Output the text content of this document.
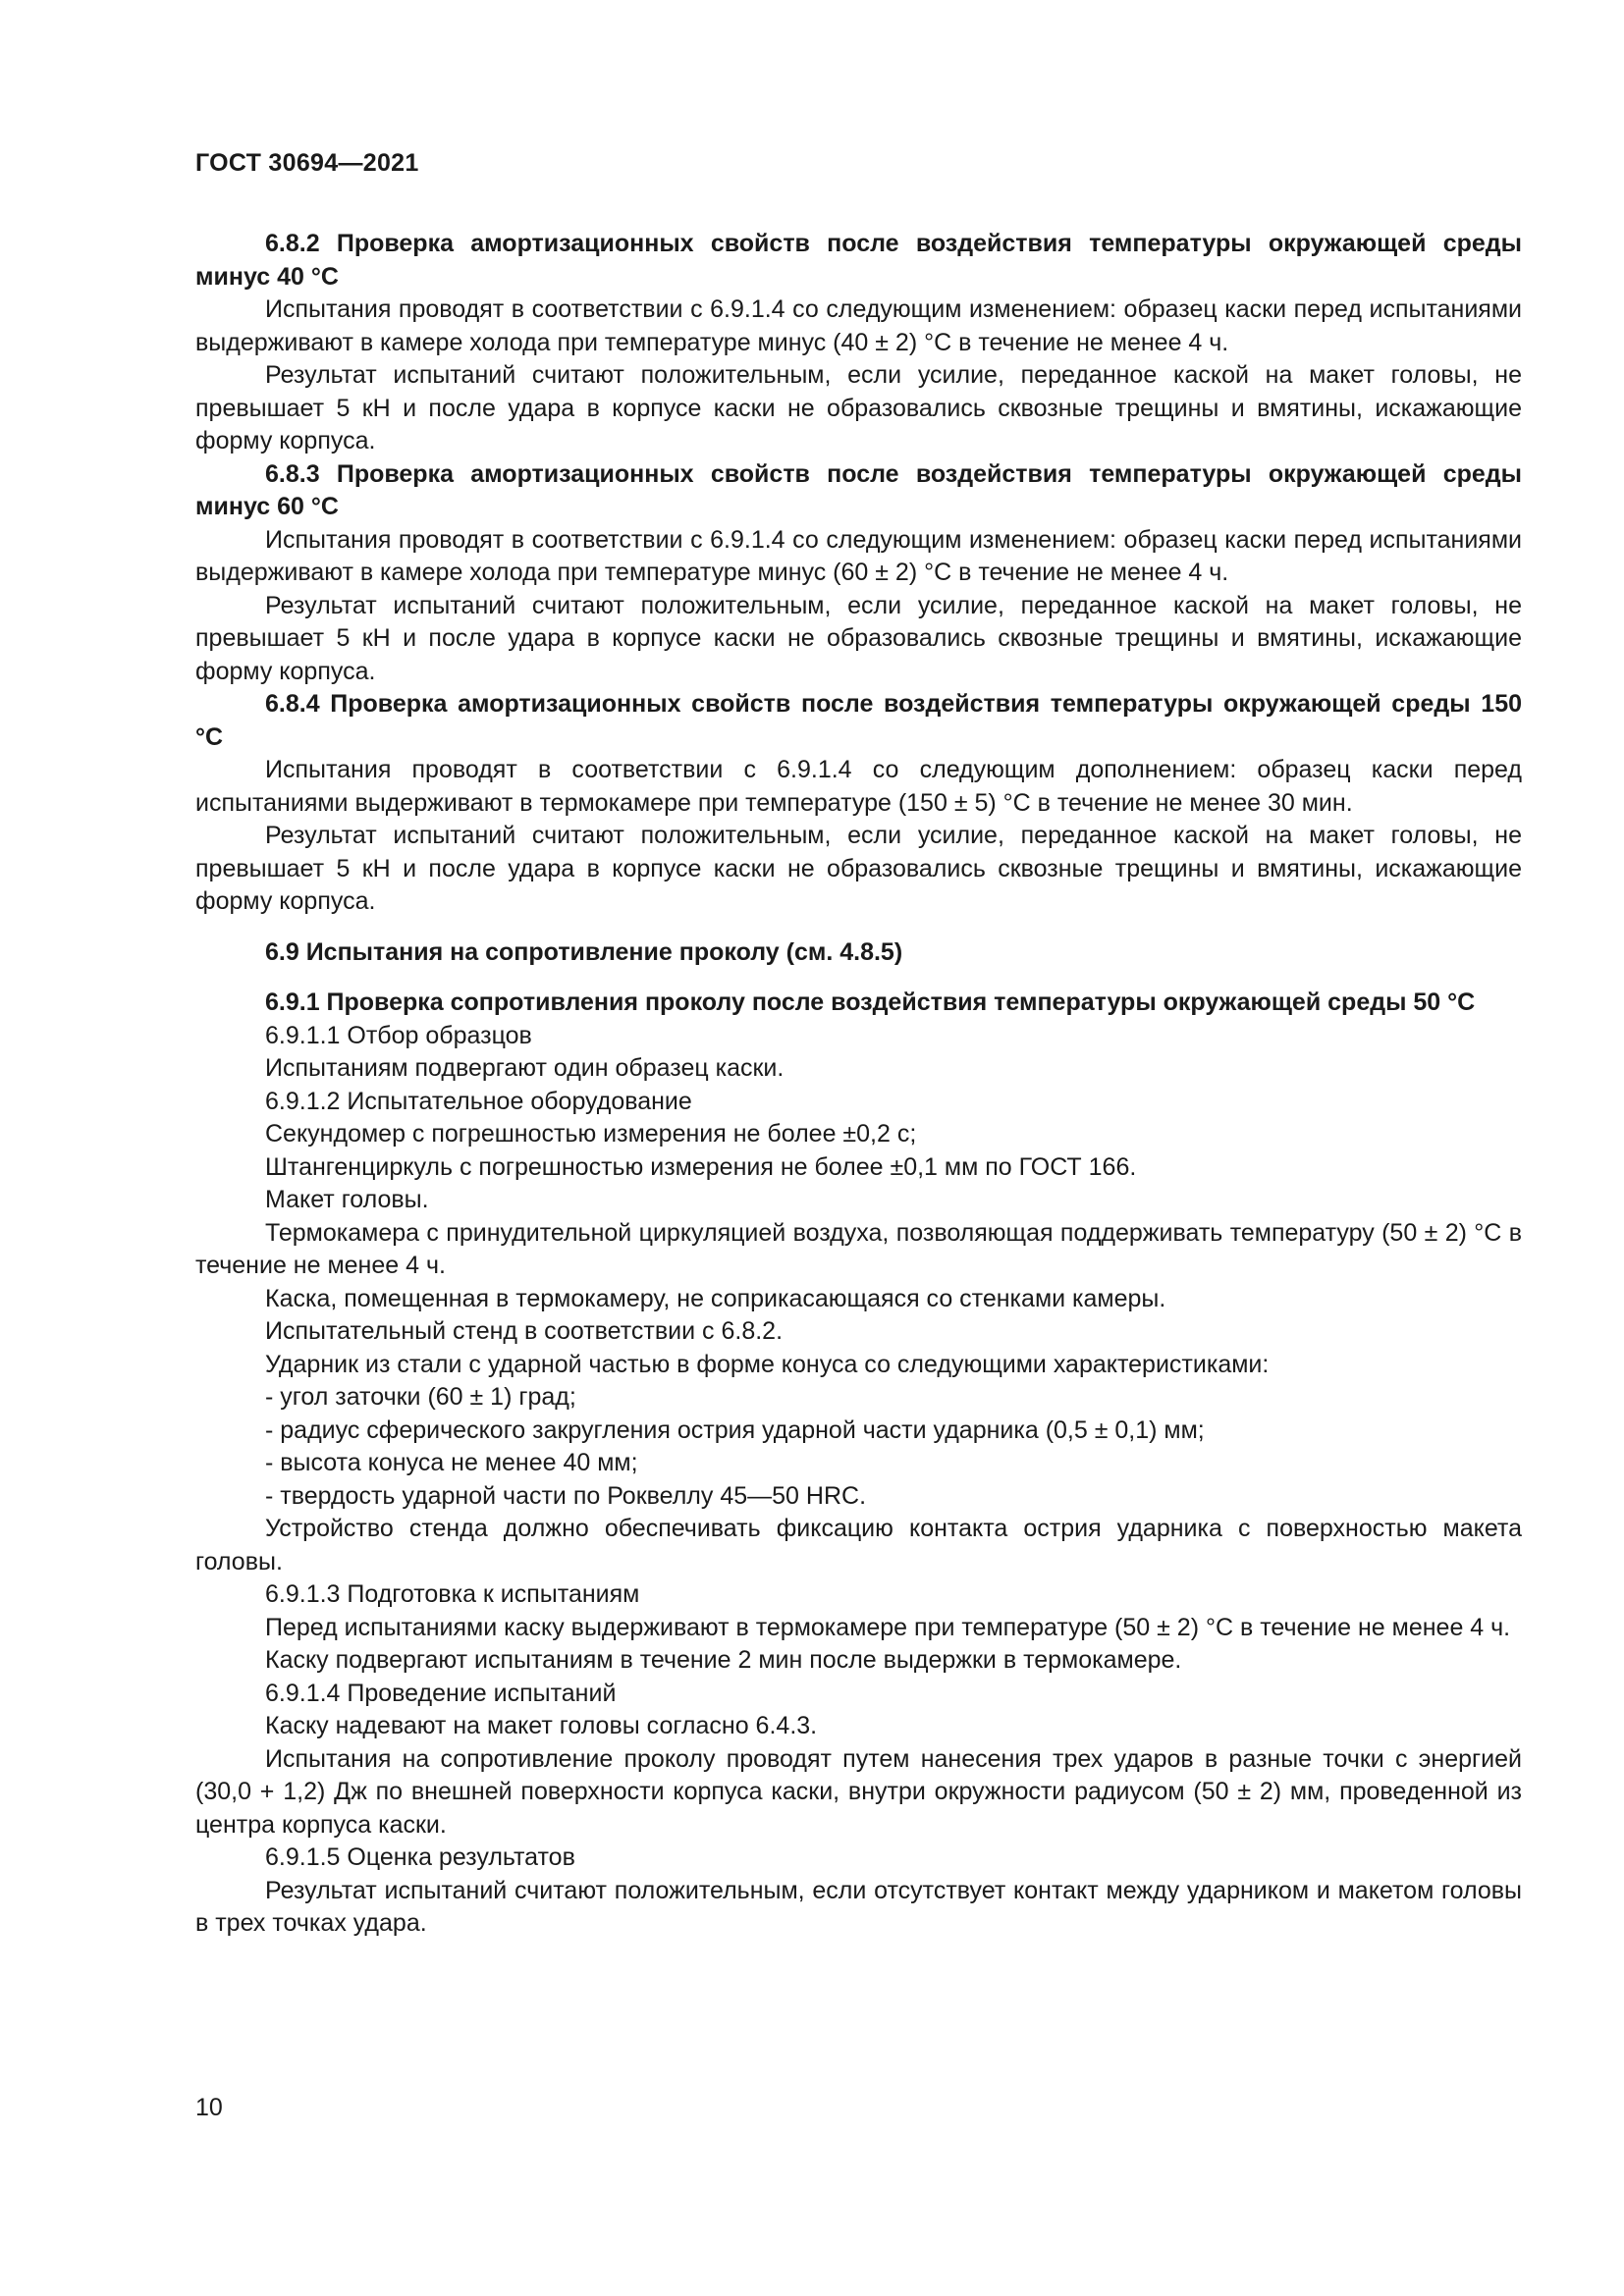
ГОСТ 30694—2021

6.8.2 Проверка амортизационных свойств после воздействия температуры окружающей среды минус 40 °С

Испытания проводят в соответствии с 6.9.1.4 со следующим изменением: образец каски перед испытаниями выдерживают в камере холода при температуре минус (40 ± 2) °С в течение не менее 4 ч.

Результат испытаний считают положительным, если усилие, переданное каской на макет головы, не превышает 5 кН и после удара в корпусе каски не образовались сквозные трещины и вмятины, искажающие форму корпуса.

6.8.3 Проверка амортизационных свойств после воздействия температуры окружающей среды минус 60 °С

Испытания проводят в соответствии с 6.9.1.4 со следующим изменением: образец каски перед испытаниями выдерживают в камере холода при температуре минус (60 ± 2) °С в течение не менее 4 ч.

Результат испытаний считают положительным, если усилие, переданное каской на макет головы, не превышает 5 кН и после удара в корпусе каски не образовались сквозные трещины и вмятины, искажающие форму корпуса.

6.8.4 Проверка амортизационных свойств после воздействия температуры окружающей среды 150 °С

Испытания проводят в соответствии с 6.9.1.4 со следующим дополнением: образец каски перед испытаниями выдерживают в термокамере при температуре (150 ± 5) °С в течение не менее 30 мин.

Результат испытаний считают положительным, если усилие, переданное каской на макет головы, не превышает 5 кН и после удара в корпусе каски не образовались сквозные трещины и вмятины, искажающие форму корпуса.

6.9 Испытания на сопротивление проколу (см. 4.8.5)

6.9.1 Проверка сопротивления проколу после воздействия температуры окружающей среды 50 °С

6.9.1.1 Отбор образцов

Испытаниям подвергают один образец каски.

6.9.1.2 Испытательное оборудование

Секундомер с погрешностью измерения не более ±0,2 с;

Штангенциркуль с погрешностью измерения не более ±0,1 мм по ГОСТ 166.

Макет головы.

Термокамера с принудительной циркуляцией воздуха, позволяющая поддерживать температуру (50 ± 2) °С в течение не менее 4 ч.

Каска, помещенная в термокамеру, не соприкасающаяся со стенками камеры.

Испытательный стенд в соответствии с 6.8.2.

Ударник из стали с ударной частью в форме конуса со следующими характеристиками:

- угол заточки (60 ± 1) град;

- радиус сферического закругления острия ударной части ударника (0,5 ± 0,1) мм;

- высота конуса не менее 40 мм;

- твердость ударной части по Роквеллу 45—50 HRC.

Устройство стенда должно обеспечивать фиксацию контакта острия ударника с поверхностью макета головы.

6.9.1.3 Подготовка к испытаниям

Перед испытаниями каску выдерживают в термокамере при температуре (50 ± 2) °С в течение не менее 4 ч.

Каску подвергают испытаниям в течение 2 мин после выдержки в термокамере.

6.9.1.4 Проведение испытаний

Каску надевают на макет головы согласно 6.4.3.

Испытания на сопротивление проколу проводят путем нанесения трех ударов в разные точки с энергией (30,0 + 1,2) Дж по внешней поверхности корпуса каски, внутри окружности радиусом (50 ± 2) мм, проведенной из центра корпуса каски.

6.9.1.5 Оценка результатов

Результат испытаний считают положительным, если отсутствует контакт между ударником и макетом головы в трех точках удара.

10
